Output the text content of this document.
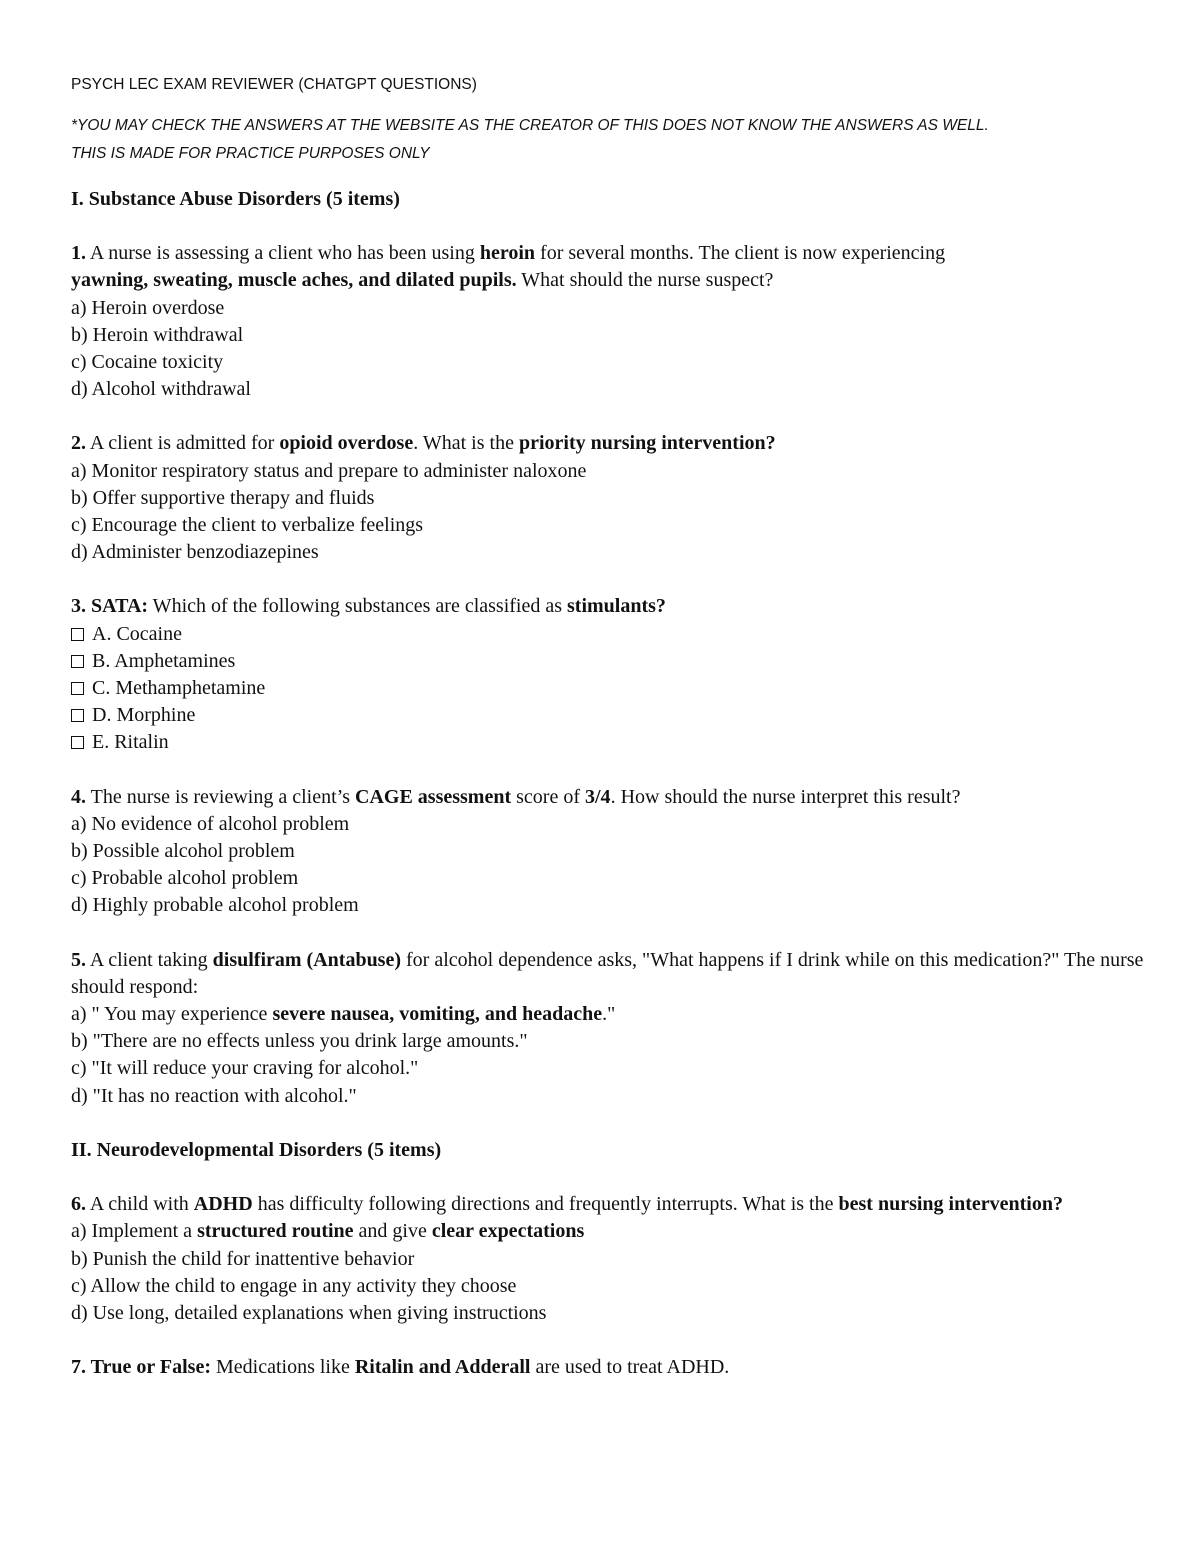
PSYCH LEC EXAM REVIEWER (CHATGPT QUESTIONS)

*YOU MAY CHECK THE ANSWERS AT THE WEBSITE AS THE CREATOR OF THIS DOES NOT KNOW THE ANSWERS AS WELL.
THIS IS MADE FOR PRACTICE PURPOSES ONLY

I. Substance Abuse Disorders (5 items)

1. A nurse is assessing a client who has been using heroin for several months. The client is now experiencing
yawning, sweating, muscle aches, and dilated pupils. What should the nurse suspect?

a) Heroin overdose

b) Heroin withdrawal

c) Cocaine toxicity

d) Alcohol withdrawal

2. A client is admitted for opioid overdose. What is the priority nursing intervention?

a) Monitor respiratory status and prepare to administer naloxone

b) Offer supportive therapy and fluids

c) Encourage the client to verbalize feelings

d) Administer benzodiazepines

3. SATA: Which of the following substances are classified as stimulants?

A. Cocaine

B. Amphetamines

C. Methamphetamine

D. Morphine

E. Ritalin

4. The nurse is reviewing a client’s CAGE assessment score of 3/4. How should the nurse interpret this result?

a) No evidence of alcohol problem

b) Possible alcohol problem

c) Probable alcohol problem

d) Highly probable alcohol problem

5. A client taking disulfiram (Antabuse) for alcohol dependence asks, "What happens if I drink while on this medication?" The nurse should respond:

a) " You may experience severe nausea, vomiting, and headache."

b) "There are no effects unless you drink large amounts."

c) "It will reduce your craving for alcohol."

d) "It has no reaction with alcohol."

II. Neurodevelopmental Disorders (5 items)

6. A child with ADHD has difficulty following directions and frequently interrupts. What is the best nursing intervention?

a) Implement a structured routine and give clear expectations

b) Punish the child for inattentive behavior

c) Allow the child to engage in any activity they choose

d) Use long, detailed explanations when giving instructions

7. True or False: Medications like Ritalin and Adderall are used to treat ADHD.
